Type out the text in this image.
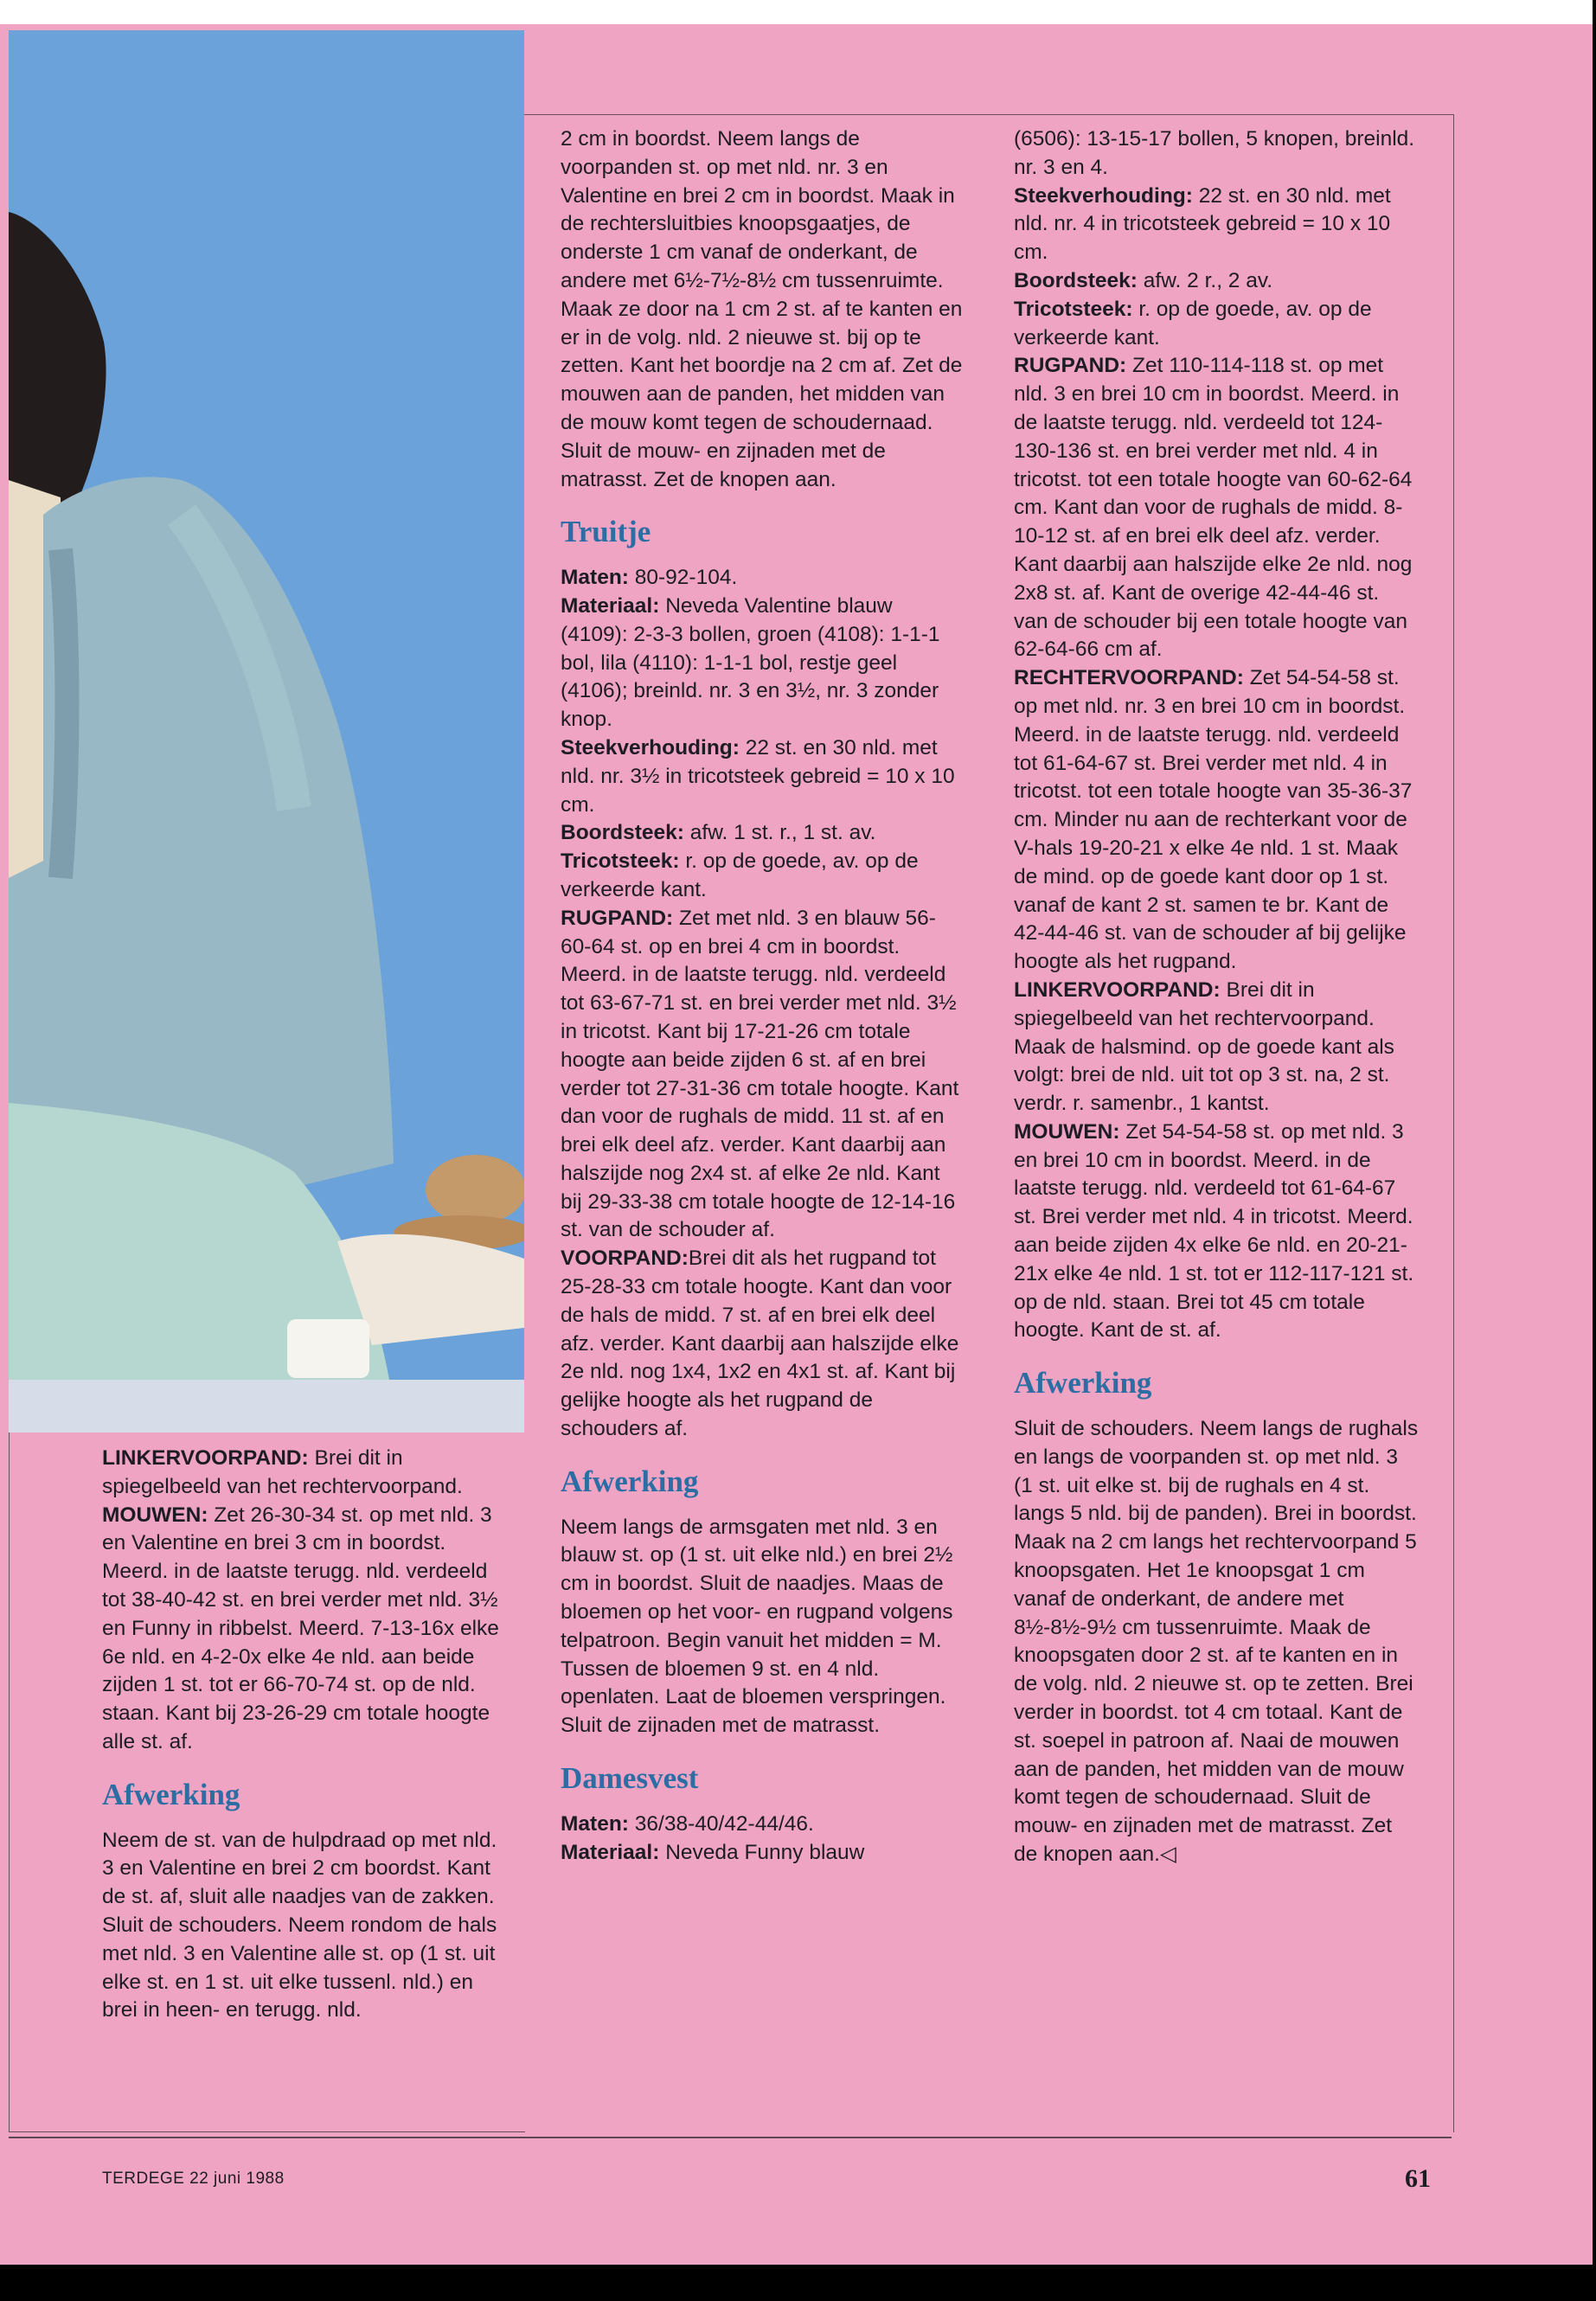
LINKERVOORPAND: Brei dit in spiegelbeeld van het rechtervoorpand.

MOUWEN: Zet 26-30-34 st. op met nld. 3 en Valentine en brei 3 cm in boordst. Meerd. in de laatste terugg. nld. verdeeld tot 38-40-42 st. en brei verder met nld. 3½ en Funny in ribbelst. Meerd. 7-13-16x elke 6e nld. en 4-2-0x elke 4e nld. aan beide zijden 1 st. tot er 66-70-74 st. op de nld. staan. Kant bij 23-26-29 cm totale hoogte alle st. af.

Afwerking

Neem de st. van de hulpdraad op met nld. 3 en Valentine en brei 2 cm boordst. Kant de st. af, sluit alle naadjes van de zakken. Sluit de schouders. Neem rondom de hals met nld. 3 en Valentine alle st. op (1 st. uit elke st. en 1 st. uit elke tussenl. nld.) en brei in heen- en terugg. nld.

2 cm in boordst. Neem langs de voorpanden st. op met nld. nr. 3 en Valentine en brei 2 cm in boordst. Maak in de rechtersluitbies knoopsgaatjes, de onderste 1 cm vanaf de onderkant, de andere met 6½-7½-8½ cm tussenruimte. Maak ze door na 1 cm 2 st. af te kanten en er in de volg. nld. 2 nieuwe st. bij op te zetten. Kant het boordje na 2 cm af. Zet de mouwen aan de panden, het midden van de mouw komt tegen de schoudernaad. Sluit de mouw- en zijnaden met de matrasst. Zet de knopen aan.

Truitje

Maten: 80-92-104.

Materiaal: Neveda Valentine blauw (4109): 2-3-3 bollen, groen (4108): 1-1-1 bol, lila (4110): 1-1-1 bol, restje geel (4106); breinld. nr. 3 en 3½, nr. 3 zonder knop.

Steekverhouding: 22 st. en 30 nld. met nld. nr. 3½ in tricotsteek gebreid = 10 x 10 cm.

Boordsteek: afw. 1 st. r., 1 st. av.

Tricotsteek: r. op de goede, av. op de verkeerde kant.

RUGPAND: Zet met nld. 3 en blauw 56-60-64 st. op en brei 4 cm in boordst. Meerd. in de laatste terugg. nld. verdeeld tot 63-67-71 st. en brei verder met nld. 3½ in tricotst. Kant bij 17-21-26 cm totale hoogte aan beide zijden 6 st. af en brei verder tot 27-31-36 cm totale hoogte. Kant dan voor de rughals de midd. 11 st. af en brei elk deel afz. verder. Kant daarbij aan halszijde nog 2x4 st. af elke 2e nld. Kant bij 29-33-38 cm totale hoogte de 12-14-16 st. van de schouder af.

VOORPAND:Brei dit als het rugpand tot 25-28-33 cm totale hoogte. Kant dan voor de hals de midd. 7 st. af en brei elk deel afz. verder. Kant daarbij aan halszijde elke 2e nld. nog 1x4, 1x2 en 4x1 st. af. Kant bij gelijke hoogte als het rugpand de schouders af.

Afwerking

Neem langs de armsgaten met nld. 3 en blauw st. op (1 st. uit elke nld.) en brei 2½ cm in boordst. Sluit de naadjes. Maas de bloemen op het voor- en rugpand volgens telpatroon. Begin vanuit het midden = M. Tussen de bloemen 9 st. en 4 nld. openlaten. Laat de bloemen verspringen. Sluit de zijnaden met de matrasst.

Damesvest

Maten: 36/38-40/42-44/46.

Materiaal: Neveda Funny blauw

(6506): 13-15-17 bollen, 5 knopen, breinld. nr. 3 en 4.

Steekverhouding: 22 st. en 30 nld. met nld. nr. 4 in tricotsteek gebreid = 10 x 10 cm.

Boordsteek: afw. 2 r., 2 av.

Tricotsteek: r. op de goede, av. op de verkeerde kant.

RUGPAND: Zet 110-114-118 st. op met nld. 3 en brei 10 cm in boordst. Meerd. in de laatste terugg. nld. verdeeld tot 124-130-136 st. en brei verder met nld. 4 in tricotst. tot een totale hoogte van 60-62-64 cm. Kant dan voor de rughals de midd. 8-10-12 st. af en brei elk deel afz. verder. Kant daarbij aan halszijde elke 2e nld. nog 2x8 st. af. Kant de overige 42-44-46 st. van de schouder bij een totale hoogte van 62-64-66 cm af.

RECHTERVOORPAND: Zet 54-54-58 st. op met nld. nr. 3 en brei 10 cm in boordst. Meerd. in de laatste terugg. nld. verdeeld tot 61-64-67 st. Brei verder met nld. 4 in tricotst. tot een totale hoogte van 35-36-37 cm. Minder nu aan de rechterkant voor de V-hals 19-20-21 x elke 4e nld. 1 st. Maak de mind. op de goede kant door op 1 st. vanaf de kant 2 st. samen te br. Kant de 42-44-46 st. van de schouder af bij gelijke hoogte als het rugpand.

LINKERVOORPAND: Brei dit in spiegelbeeld van het rechtervoorpand. Maak de halsmind. op de goede kant als volgt: brei de nld. uit tot op 3 st. na, 2 st. verdr. r. samenbr., 1 kantst.

MOUWEN: Zet 54-54-58 st. op met nld. 3 en brei 10 cm in boordst. Meerd. in de laatste terugg. nld. verdeeld tot 61-64-67 st. Brei verder met nld. 4 in tricotst. Meerd. aan beide zijden 4x elke 6e nld. en 20-21-21x elke 4e nld. 1 st. tot er 112-117-121 st. op de nld. staan. Brei tot 45 cm totale hoogte. Kant de st. af.

Afwerking

Sluit de schouders. Neem langs de rughals en langs de voorpanden st. op met nld. 3 (1 st. uit elke st. bij de rughals en 4 st. langs 5 nld. bij de panden). Brei in boordst. Maak na 2 cm langs het rechtervoorpand 5 knoopsgaten. Het 1e knoopsgat 1 cm vanaf de onderkant, de andere met 8½-8½-9½ cm tussenruimte. Maak de knoopsgaten door 2 st. af te kanten en in de volg. nld. 2 nieuwe st. op te zetten. Brei verder in boordst. tot 4 cm totaal. Kant de st. soepel in patroon af. Naai de mouwen aan de panden, het midden van de mouw komt tegen de schoudernaad. Sluit de mouw- en zijnaden met de matrasst. Zet de knopen aan.◁

TERDEGE 22 juni 1988	61
